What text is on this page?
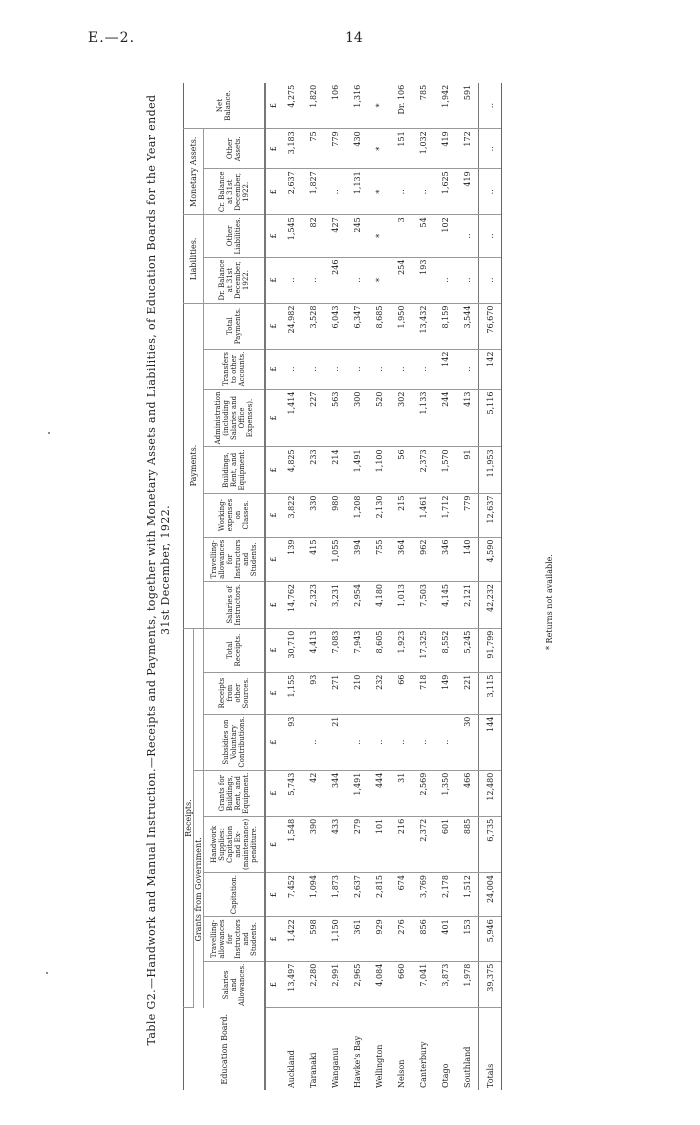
E.—2.	14
Table G2.—Handwork and Manual Instruction.—Receipts and Payments, together with Monetary Assets and Liabilities, of Education Boards for the Year ended 31st December, 1922.
Education Board.	Receipts.								Payments.							Liabilities.		Monetary Assets.		Net Balance.
	Grants from Government.																			
	Salaries and Allowances.	Travelling-allowances for Instructors and Students.	Capitation.	Handwork Supplies: Capitation and Ex-(maintenance) penditure.	Grants for Buildings, Rent, and Equipment.	Subsidies on Voluntary Contributions.	Receipts from other Sources.	Total Receipts.	Salaries of Instructors.	Travelling-allowances for Instructors and Students.	Working-expenses on Classes.	Buildings, Rent, and Equipment.	Administration (including Salaries and Office Expenses).	Transfers to other Accounts.	Total Payments.	Dr. Balance at 31st December, 1922.	Other Liabilities.	Cr. Balance at 31st December, 1922.	Other Assets.	
	£	£	£	£	£	£	£	£	£	£	£	£	£	£	£	£	£	£	£	£
Auckland	13,497	1,422	7,452	1,548	5,743	93	1,155	30,710	14,762	139	3,822	4,825	1,414	..	24,982	..	1,545	2,637	3,183	4,275
Taranaki	2,280	598	1,094	390	42	..	93	4,413	2,323	415	330	233	227	..	3,528	..	82	1,827	75	1,820
Wanganui	2,991	1,150	1,873	433	344	21	271	7,083	3,231	1,055	980	214	563	..	6,043	246	427	..	779	106
Hawke's Bay	2,965	361	2,637	279	1,491	..	210	7,943	2,954	394	1,208	1,491	300	..	6,347	..	245	1,131	430	1,316
Wellington	4,084	929	2,815	101	444	..	232	8,605	4,180	755	2,130	1,100	520	..	8,685	*	*	*	*	*
Nelson	660	276	674	216	31	..	66	1,923	1,013	364	215	56	302	..	1,950	254	3	..	151	Dr. 106
Canterbury	7,041	856	3,769	2,372	2,569	..	718	17,325	7,503	962	1,461	2,373	1,133	..	13,432	193	54	..	1,032	785
Otago	3,873	401	2,178	601	1,350	..	149	8,552	4,145	346	1,712	1,570	244	142	8,159	..	102	1,625	419	1,942
Southland	1,978	153	1,512	885	466	30	221	5,245	2,121	140	779	91	413	..	3,544	..	..	419	172	591
Totals	39,375	5,946	24,004	6,735	12,480	144	3,115	91,799	42,232	4,590	12,637	11,953	5,116	142	76,670	..	..	..	..	..
* Returns not available.
